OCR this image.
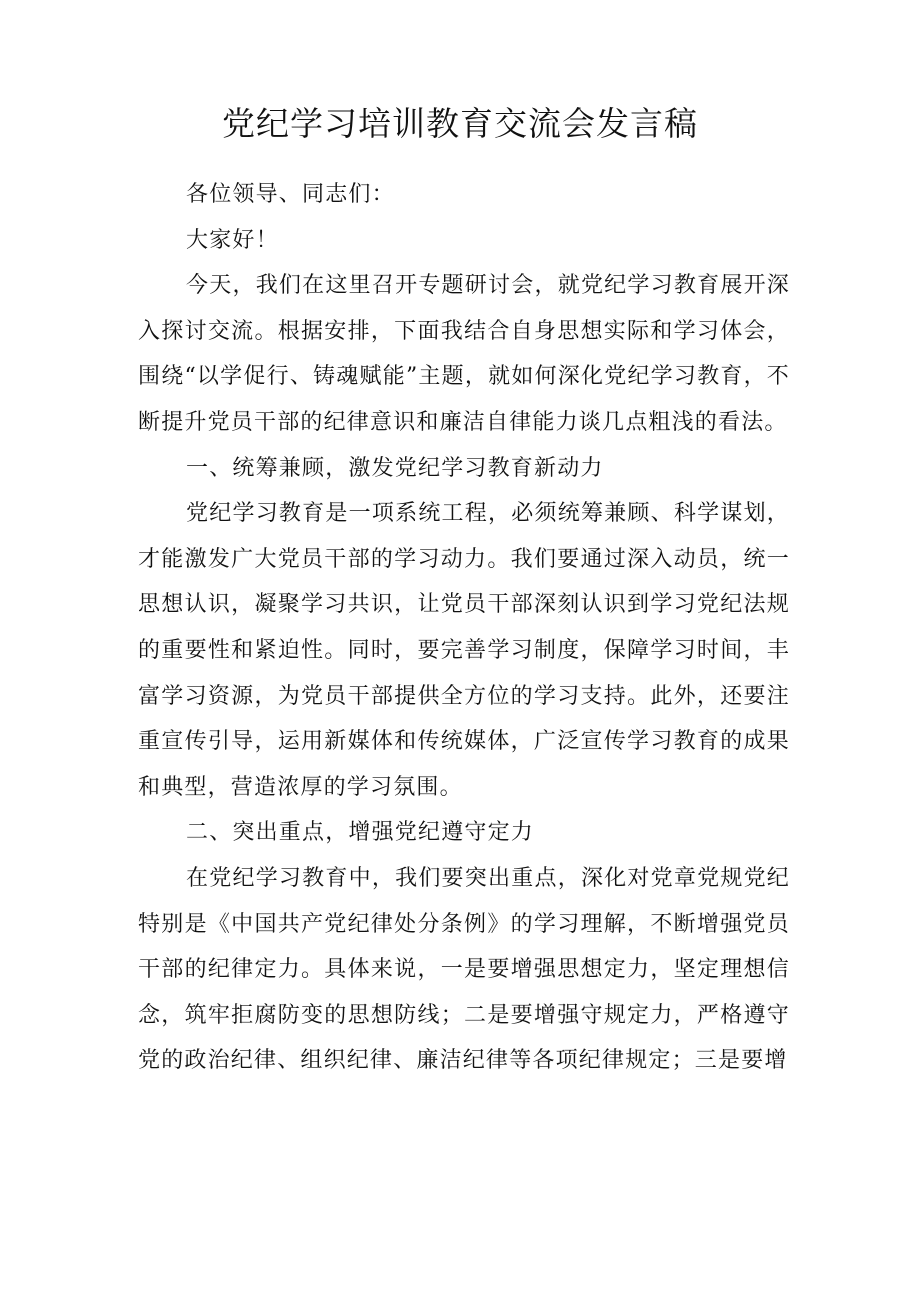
党纪学习培训教育交流会发言稿

各位领导、同志们：

大家好！

今天，我们在这里召开专题研讨会，就党纪学习教育展开深入探讨交流。根据安排，下面我结合自身思想实际和学习体会，围绕“以学促行、铸魂赋能”主题，就如何深化党纪学习教育，不断提升党员干部的纪律意识和廉洁自律能力谈几点粗浅的看法。

一、统筹兼顾，激发党纪学习教育新动力

党纪学习教育是一项系统工程，必须统筹兼顾、科学谋划，才能激发广大党员干部的学习动力。我们要通过深入动员，统一思想认识，凝聚学习共识，让党员干部深刻认识到学习党纪法规的重要性和紧迫性。同时，要完善学习制度，保障学习时间，丰富学习资源，为党员干部提供全方位的学习支持。此外，还要注重宣传引导，运用新媒体和传统媒体，广泛宣传学习教育的成果和典型，营造浓厚的学习氛围。

二、突出重点，增强党纪遵守定力

在党纪学习教育中，我们要突出重点，深化对党章党规党纪特别是《中国共产党纪律处分条例》的学习理解，不断增强党员干部的纪律定力。具体来说，一是要增强思想定力，坚定理想信念，筑牢拒腐防变的思想防线；二是要增强守规定力，严格遵守党的政治纪律、组织纪律、廉洁纪律等各项纪律规定；三是要增
